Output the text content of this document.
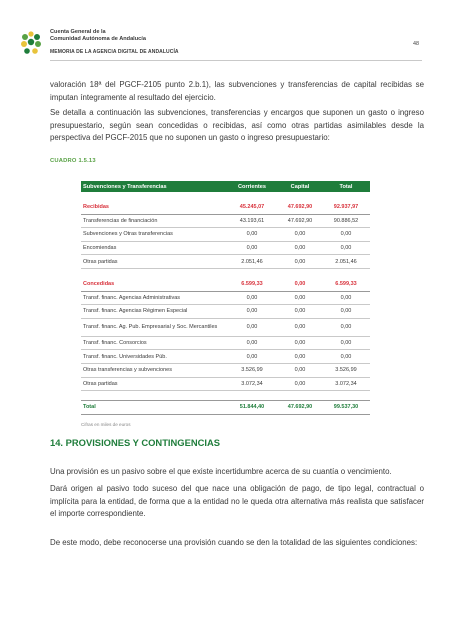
Cuenta General de la
Comunidad Autónoma de Andalucía
MEMORIA DE LA AGENCIA DIGITAL DE ANDALUCÍA
48

valoración 18ª del PGCF-2105 punto 2.b.1), las subvenciones y transferencias de capital recibidas se imputan íntegramente al resultado del ejercicio.

Se detalla a continuación las subvenciones, transferencias y encargos que suponen un gasto o ingreso presupuestario, según sean concedidas o recibidas, así como otras partidas asimilables desde la perspectiva del PGCF-2015 que no suponen un gasto o ingreso presupuestario:

CUADRO 1.5.13
Subvenciones y Transferencias	Corrientes	Capital	Total

Recibidas	45.245,07	47.692,90	92.937,97
Transferencias de financiación	43.193,61	47.692,90	90.886,52
Subvenciones y Otras transferencias	0,00	0,00	0,00
Encomiendas	0,00	0,00	0,00
Otras partidas	2.051,46	0,00	2.051,46

Concedidas	6.599,33	0,00	6.599,33
Transf. financ. Agencias Administrativas	0,00	0,00	0,00
Transf. financ. Agencias Régimen Especial	0,00	0,00	0,00
Transf. financ. Ag. Pub. Empresarial y Soc. Mercantiles	0,00	0,00	0,00
Transf. financ. Consorcios	0,00	0,00	0,00
Transf. financ. Universidades Púb.	0,00	0,00	0,00
Otras transferencias y subvenciones	3.526,99	0,00	3.526,99
Otras partidas	3.072,34	0,00	3.072,34

Total	51.844,40	47.692,90	99.537,30
Cifras en miles de euros
14. PROVISIONES Y CONTINGENCIAS

Una provisión es un pasivo sobre el que existe incertidumbre acerca de su cuantía o vencimiento.

Dará origen al pasivo todo suceso del que nace una obligación de pago, de tipo legal, contractual o implícita para la entidad, de forma que a la entidad no le queda otra alternativa más realista que satisfacer el importe correspondiente.

De este modo, debe reconocerse una provisión cuando se den la totalidad de las siguientes condiciones:
